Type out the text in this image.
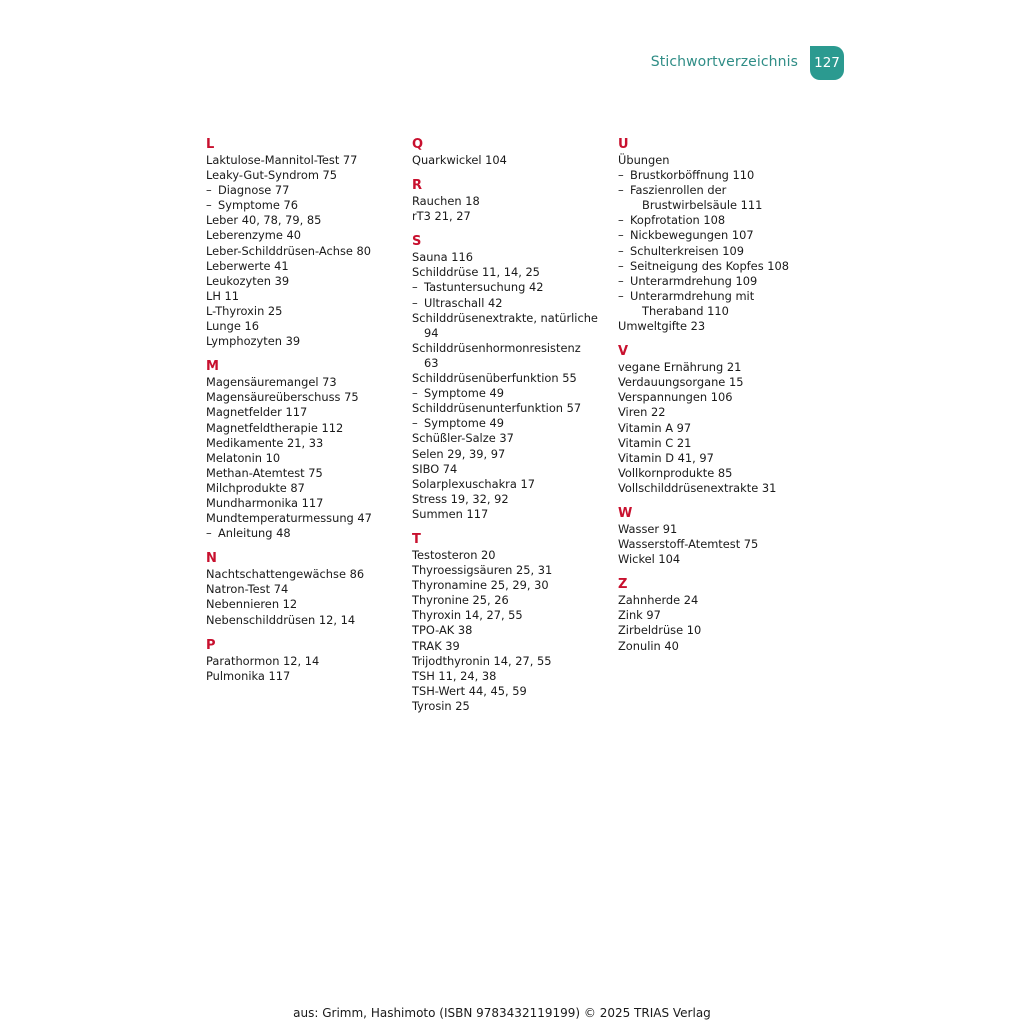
Stichwortverzeichnis	127
L
Laktulose-Mannitol-Test 77
Leaky-Gut-Syndrom 75
– Diagnose 77
– Symptome 76
Leber 40, 78, 79, 85
Leberenzyme 40
Leber-Schilddrüsen-Achse 80
Leberwerte 41
Leukozyten 39
LH 11
L-Thyroxin 25
Lunge 16
Lymphozyten 39
M
Magensäuremangel 73
Magensäureüberschuss 75
Magnetfelder 117
Magnetfeldtherapie 112
Medikamente 21, 33
Melatonin 10
Methan-Atemtest 75
Milchprodukte 87
Mundharmonika 117
Mundtemperaturmessung 47
– Anleitung 48
N
Nachtschattengewächse 86
Natron-Test 74
Nebennieren 12
Nebenschilddrüsen 12, 14
P
Parathormon 12, 14
Pulmonika 117
Q
Quarkwickel 104
R
Rauchen 18
rT3 21, 27
S
Sauna 116
Schilddrüse 11, 14, 25
– Tastuntersuchung 42
– Ultraschall 42
Schilddrüsenextrakte, natürliche
94
Schilddrüsenhormonresistenz
63
Schilddrüsenüberfunktion 55
– Symptome 49
Schilddrüsenunterfunktion 57
– Symptome 49
Schüßler-Salze 37
Selen 29, 39, 97
SIBO 74
Solarplexuschakra 17
Stress 19, 32, 92
Summen 117
T
Testosteron 20
Thyroessigsäuren 25, 31
Thyronamine 25, 29, 30
Thyronine 25, 26
Thyroxin 14, 27, 55
TPO-AK 38
TRAK 39
Trijodthyronin 14, 27, 55
TSH 11, 24, 38
TSH-Wert 44, 45, 59
Tyrosin 25
U
Übungen
– Brustkorböffnung 110
– Faszienrollen der
Brustwirbelsäule 111
– Kopfrotation 108
– Nickbewegungen 107
– Schulterkreisen 109
– Seitneigung des Kopfes 108
– Unterarmdrehung 109
– Unterarmdrehung mit
Theraband 110
Umweltgifte 23
V
vegane Ernährung 21
Verdauungsorgane 15
Verspannungen 106
Viren 22
Vitamin A 97
Vitamin C 21
Vitamin D 41, 97
Vollkornprodukte 85
Vollschilddrüsenextrakte 31
W
Wasser 91
Wasserstoff-Atemtest 75
Wickel 104
Z
Zahnherde 24
Zink 97
Zirbeldrüse 10
Zonulin 40
aus: Grimm, Hashimoto (ISBN 9783432119199) © 2025 TRIAS Verlag
